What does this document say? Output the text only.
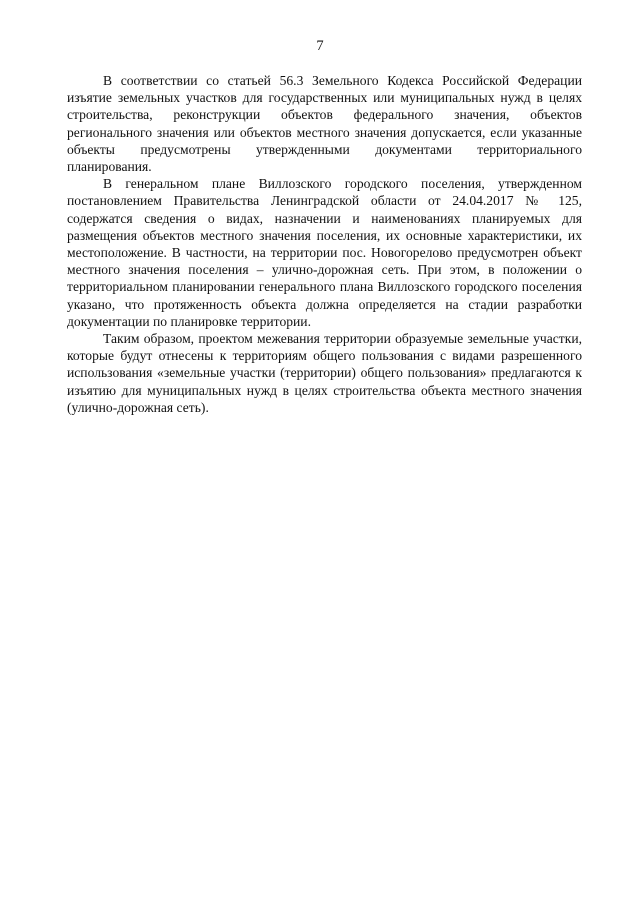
7

В соответствии со статьей 56.3 Земельного Кодекса Российской Федерации изъятие земельных участков для государственных или муниципальных нужд в целях строительства, реконструкции объектов федерального значения, объектов регионального значения или объектов местного значения допускается, если указанные объекты предусмотрены утвержденными документами территориального планирования.

В генеральном плане Виллозского городского поселения, утвержденном постановлением Правительства Ленинградской области от 24.04.2017 № 125, содержатся сведения о видах, назначении и наименованиях планируемых для размещения объектов местного значения поселения, их основные характеристики, их местоположение. В частности, на территории пос. Новогорелово предусмотрен объект местного значения поселения – улично-дорожная сеть. При этом, в положении о территориальном планировании генерального плана Виллозского городского поселения указано, что протяженность объекта должна определяется на стадии разработки документации по планировке территории.

Таким образом, проектом межевания территории образуемые земельные участки, которые будут отнесены к территориям общего пользования с видами разрешенного использования «земельные участки (территории) общего пользования» предлагаются к изъятию для муниципальных нужд в целях строительства объекта местного значения (улично-дорожная сеть).
